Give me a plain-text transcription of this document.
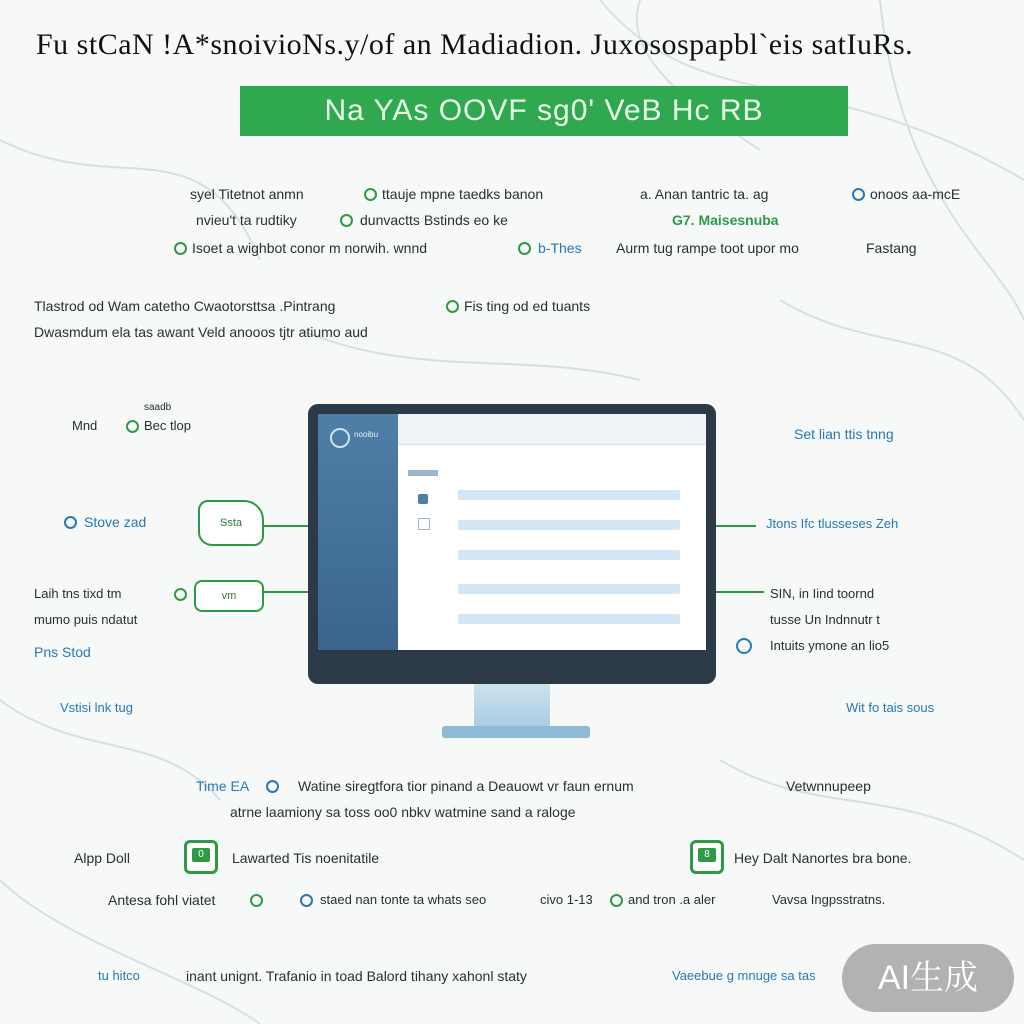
Fu stCaN !A*snoivioNs.y/of an Madiadion. Juxosospapbl`eis satIuRs.
Na YAs OOVF sg0' VeB Hc RB
syel Titetnot anmn	ttauje mpne taedks banon	a. Anan tantric ta. ag	onoos aa-mcE
nvieu't ta rudtiky	dunvactts Bstinds eo ke	G7. Maisesnuba
Isoet a wighbot conor m norwih. wnnd	b-Thes Aurm tug rampe toot upor mo	Fastang
Tlastrod od Wam catetho Cwaotorsttsa .Pintrang	Fis ting od ed tuants
Dwasmdum ela tas awant Veld anooos tjtr atiumo aud
nooibu
saadb
Mnd	Bec tlop
Stove zad	Ssta
Laih tns tixd tm	vm
mumo puis ndatut
Pns Stod
Vstisi lnk tug
Set lian ttis tnng
Jtons Ifc tlusseses Zeh
SIN, in Iind toornd
tusse Un Indnnutr t
Intuits ymone an lio5
Wit fo tais sous
Time EA	Watine siregtfora tior pinand a Deauowt vr faun ernum	Vetwnnupeep
atrne laamiony sa toss oo0 nbkv watmine sand a raloge
Alpp Doll	0	Lawarted Tis noenitatile	8	Hey Dalt Nanortes bra bone.
Antesa fohl viatet	staed nan tonte ta whats seo	civo 1-13	and tron .a aler	Vavsa Ingpsstratns.
tu hitco	inant unignt. Trafanio in toad Balord tihany xahonl staty	Vaeebue g mnuge sa tas	AI生成
